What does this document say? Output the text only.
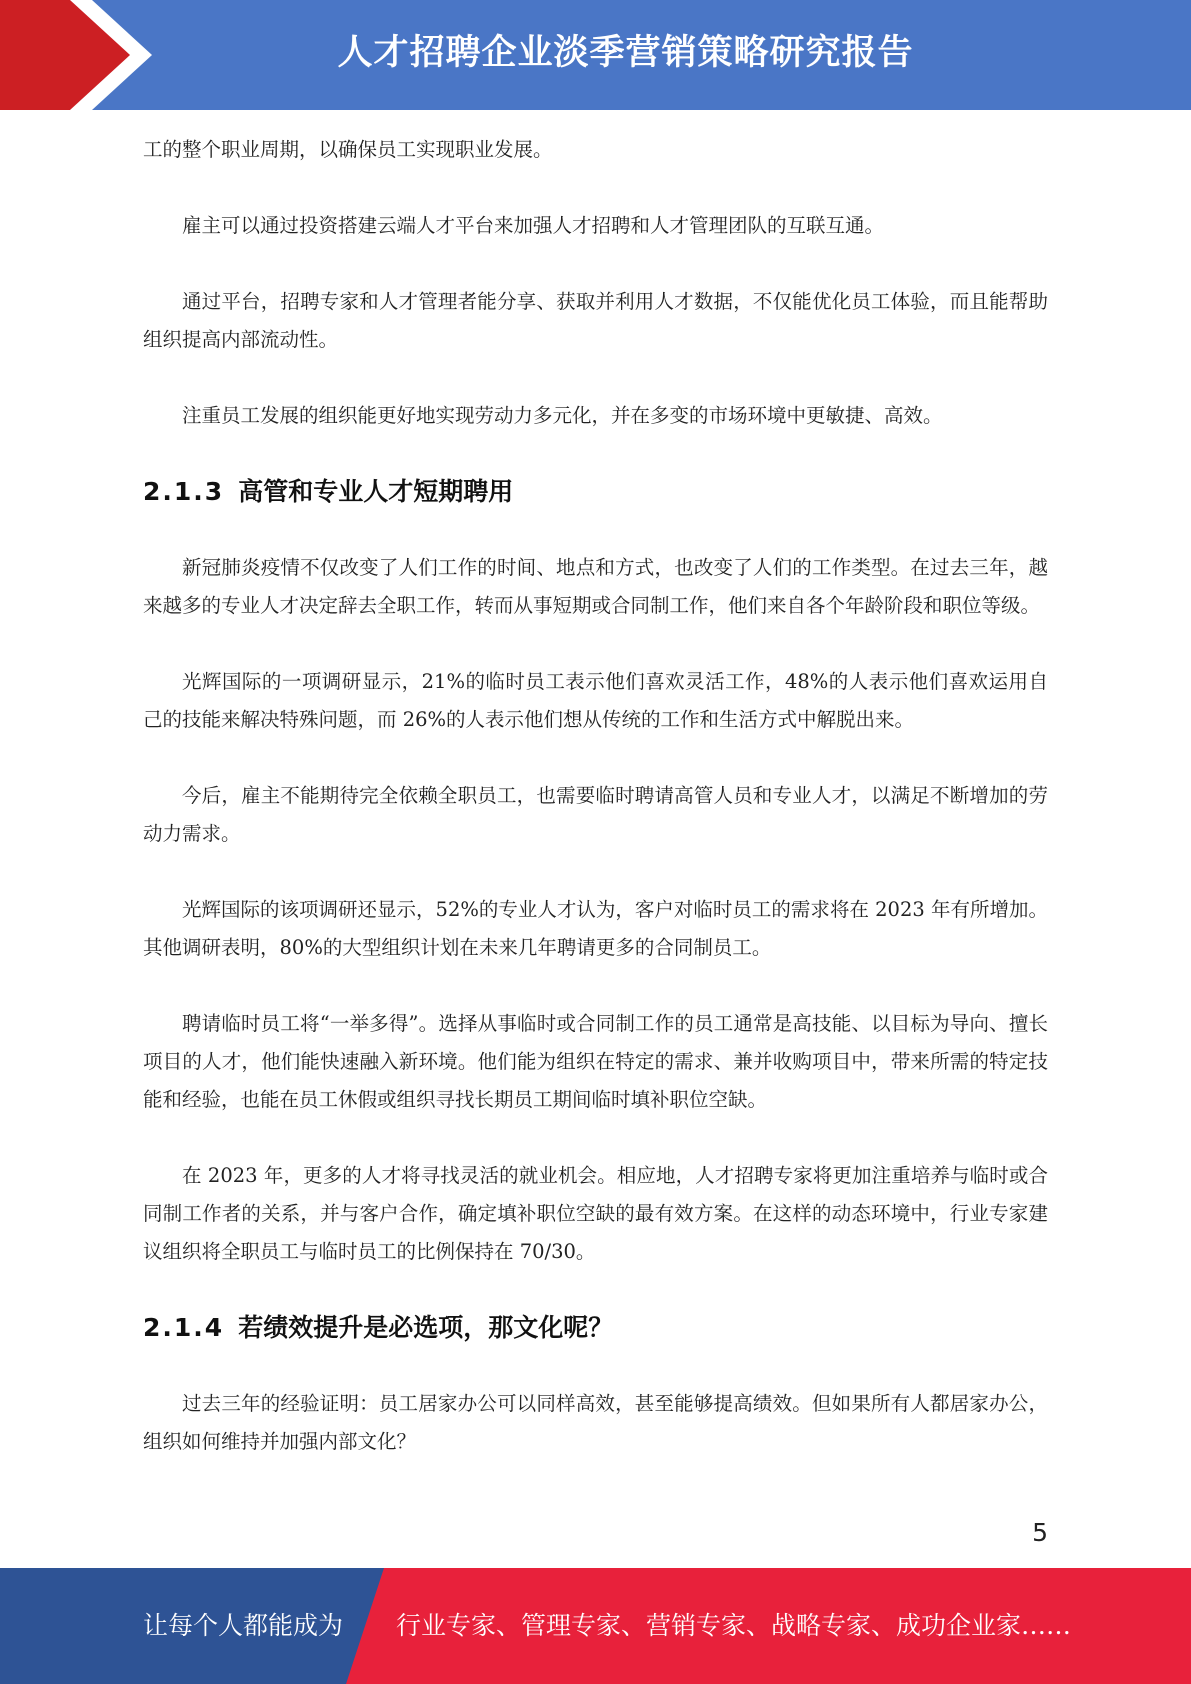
人才招聘企业淡季营销策略研究报告

工的整个职业周期，以确保员工实现职业发展。

雇主可以通过投资搭建云端人才平台来加强人才招聘和人才管理团队的互联互通。

通过平台，招聘专家和人才管理者能分享、获取并利用人才数据，不仅能优化员工体验，而且能帮助组织提高内部流动性。

注重员工发展的组织能更好地实现劳动力多元化，并在多变的市场环境中更敏捷、高效。

2.1.3 高管和专业人才短期聘用

新冠肺炎疫情不仅改变了人们工作的时间、地点和方式，也改变了人们的工作类型。在过去三年，越来越多的专业人才决定辞去全职工作，转而从事短期或合同制工作，他们来自各个年龄阶段和职位等级。

光辉国际的一项调研显示，21%的临时员工表示他们喜欢灵活工作，48%的人表示他们喜欢运用自己的技能来解决特殊问题，而 26%的人表示他们想从传统的工作和生活方式中解脱出来。

今后，雇主不能期待完全依赖全职员工，也需要临时聘请高管人员和专业人才，以满足不断增加的劳动力需求。

光辉国际的该项调研还显示，52%的专业人才认为，客户对临时员工的需求将在 2023 年有所增加。其他调研表明，80%的大型组织计划在未来几年聘请更多的合同制员工。

聘请临时员工将“一举多得”。选择从事临时或合同制工作的员工通常是高技能、以目标为导向、擅长项目的人才，他们能快速融入新环境。他们能为组织在特定的需求、兼并收购项目中，带来所需的特定技能和经验，也能在员工休假或组织寻找长期员工期间临时填补职位空缺。

在 2023 年，更多的人才将寻找灵活的就业机会。相应地，人才招聘专家将更加注重培养与临时或合同制工作者的关系，并与客户合作，确定填补职位空缺的最有效方案。在这样的动态环境中，行业专家建议组织将全职员工与临时员工的比例保持在 70/30。

2.1.4 若绩效提升是必选项，那文化呢？

过去三年的经验证明：员工居家办公可以同样高效，甚至能够提高绩效。但如果所有人都居家办公，组织如何维持并加强内部文化？

5
让每个人都能成为 行业专家、管理专家、营销专家、战略专家、成功企业家……
